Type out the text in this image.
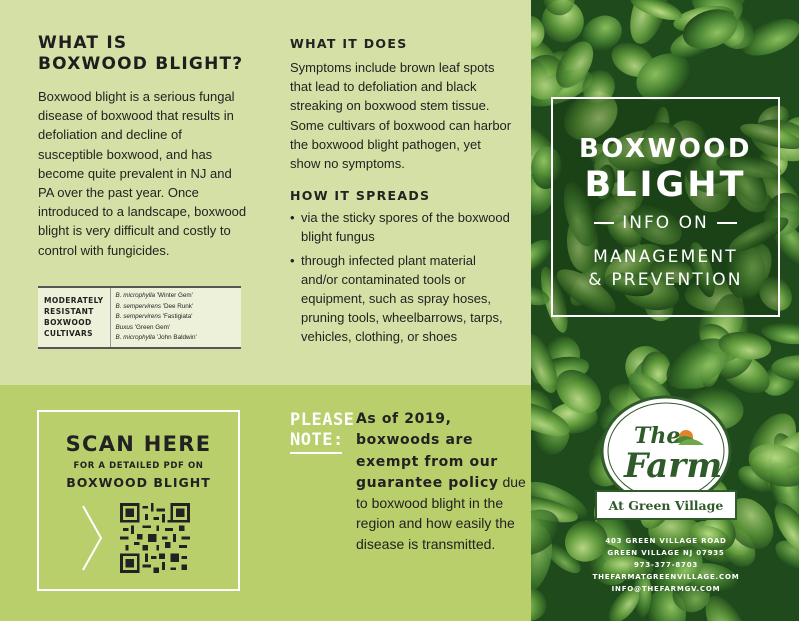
WHAT IS
BOXWOOD BLIGHT?

Boxwood blight is a serious fungal disease of boxwood that results in defoliation and decline of susceptible boxwood, and has become quite prevalent in NJ and PA over the past year. Once introduced to a landscape, boxwood blight is very difficult and costly to control with fungicides.

MODERATELY
RESISTANT
BOXWOOD
CULTIVARS

B. microphylla 'Winter Gem'
B. sempervirens 'Dee Runk'
B. sempervirens 'Fastigiata'
Buxus 'Green Gem'
B. microphylla 'John Baldwin'
WHAT IT DOES

Symptoms include brown leaf spots that lead to defoliation and black streaking on boxwood stem tissue. Some cultivars of boxwood can harbor the boxwood blight pathogen, yet show no symptoms.

HOW IT SPREADS
• via the sticky spores of the boxwood blight fungus
• through infected plant material and/or contaminated tools or equipment, such as spray hoses, pruning tools, wheelbarrows, tarps, vehicles, clothing, or shoes
SCAN HERE
FOR A DETAILED PDF ON
BOXWOOD BLIGHT
PLEASE
NOTE:

As of 2019, boxwoods are exempt from our guarantee policy due to boxwood blight in the region and how easily the disease is transmitted.

BOXWOOD
BLIGHT
INFO ON
MANAGEMENT
& PREVENTION
The
Farm
At Green Village
403 GREEN VILLAGE ROAD
GREEN VILLAGE NJ 07935
973-377-8703
THEFARMATGREENVILLAGE.COM
INFO@THEFARMGV.COM
